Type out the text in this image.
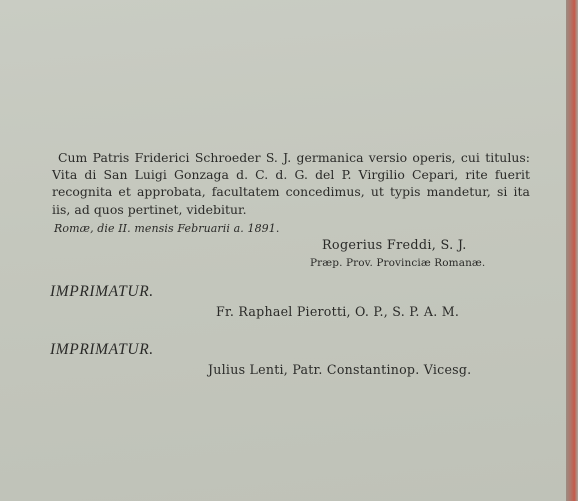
Cum Patris Friderici Schroeder S. J. germanica versio operis, cui titulus: Vita di San Luigi Gonzaga d. C. d. G. del P. Virgilio Cepari, rite fuerit recognita et approbata, facultatem concedimus, ut typis mandetur, si ita iis, ad quos pertinet, videbitur.
Romæ, die II. mensis Februarii a. 1891.
Rogerius Freddi, S. J.
Præp. Prov. Provinciæ Romanæ.
IMPRIMATUR.
Fr. Raphael Pierotti, O. P., S. P. A. M.
IMPRIMATUR.
Julius Lenti, Patr. Constantinop. Vicesg.
